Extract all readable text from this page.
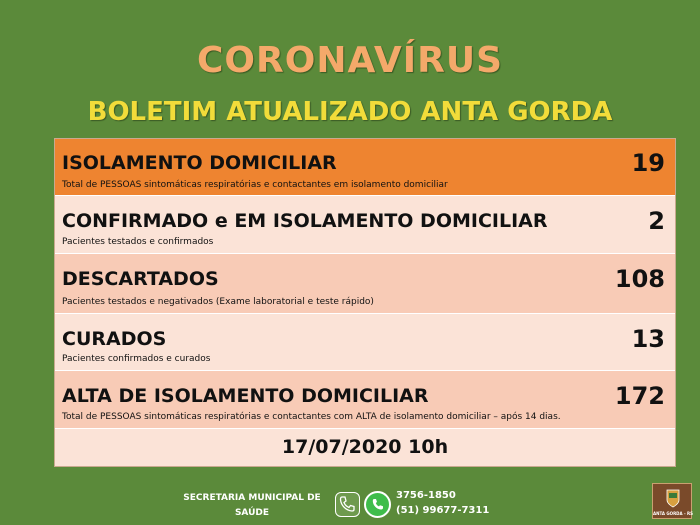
CORONAVÍRUS
BOLETIM ATUALIZADO ANTA GORDA
ISOLAMENTO DOMICILIAR
Total de PESSOAS sintomáticas respiratórias e contactantes em isolamento domiciliar
19
CONFIRMADO e EM ISOLAMENTO DOMICILIAR
Pacientes testados e confirmados
2
DESCARTADOS
Pacientes testados e negativados (Exame laboratorial e teste rápido)
108
CURADOS
Pacientes confirmados e curados
13
ALTA DE ISOLAMENTO DOMICILIAR
Total de PESSOAS sintomáticas respiratórias e contactantes com ALTA de isolamento domiciliar – após 14 dias.
172
17/07/2020 10h
SECRETARIA MUNICIPAL DE SAÚDE
3756-1850
(51) 99677-7311	ANTA GORDA - RS
